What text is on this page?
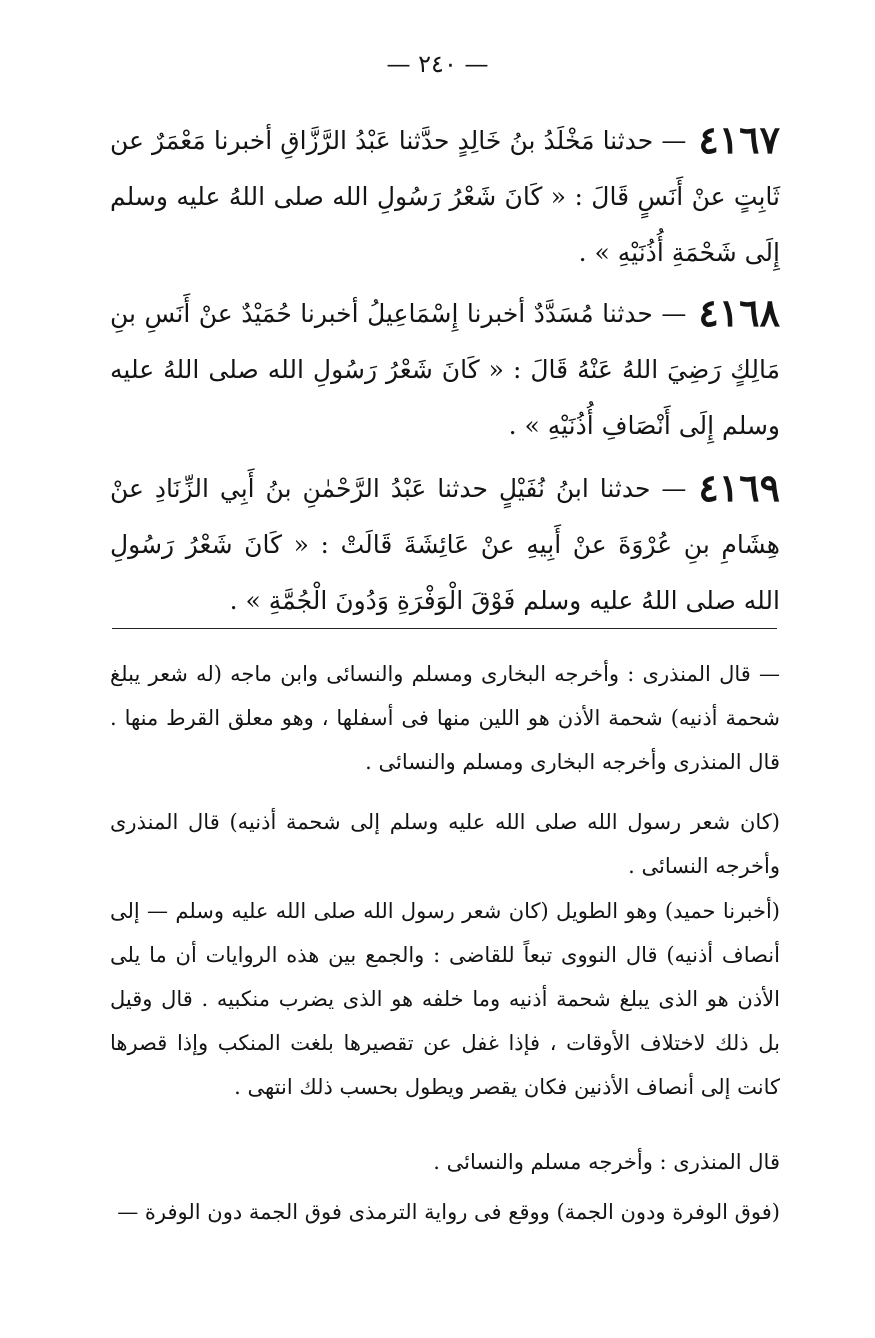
— ٢٤٠ —
٤١٦٧— حدثنا مَخْلَدُ بنُ خَالِدٍ حدَّثنا عَبْدُ الرَّزَّاقِ أخبرنا مَعْمَرٌ عن ثَابِتٍ عنْ أَنَسٍ قَالَ : « كَانَ شَعْرُ رَسُولِ الله صلى اللهُ عليه وسلم إِلَى شَحْمَةِ أُذُنَيْهِ » .
٤١٦٨— حدثنا مُسَدَّدٌ أخبرنا إِسْمَاعِيلُ أخبرنا حُمَيْدٌ عنْ أَنَسِ بنِ مَالِكٍ رَضِيَ اللهُ عَنْهُ قَالَ : « كَانَ شَعْرُ رَسُولِ الله صلى اللهُ عليه وسلم إِلَى أَنْصَافِ أُذُنَيْهِ » .
٤١٦٩— حدثنا ابنُ نُفَيْلٍ حدثنا عَبْدُ الرَّحْمٰنِ بنُ أَبِي الزِّنَادِ عنْ هِشَامِ بنِ عُرْوَةَ عنْ أَبِيهِ عنْ عَائِشَةَ قَالَتْ : « كَانَ شَعْرُ رَسُولِ الله صلى اللهُ عليه وسلم فَوْقَ الْوَفْرَةِ وَدُونَ الْجُمَّةِ » .
— قال المنذرى : وأخرجه البخارى ومسلم والنسائى وابن ماجه (له شعر يبلغ شحمة أذنيه) شحمة الأذن هو اللين منها فى أسفلها ، وهو معلق القرط منها . قال المنذرى وأخرجه البخارى ومسلم والنسائى .
(كان شعر رسول الله صلى الله عليه وسلم إلى شحمة أذنيه) قال المنذرى وأخرجه النسائى .
(أخبرنا حميد) وهو الطويل (كان شعر رسول الله صلى الله عليه وسلم — إلى أنصاف أذنيه) قال النووى تبعاً للقاضى : والجمع بين هذه الروايات أن ما يلى الأذن هو الذى يبلغ شحمة أذنيه وما خلفه هو الذى يضرب منكبيه . قال وقيل بل ذلك لاختلاف الأوقات ، فإذا غفل عن تقصيرها بلغت المنكب وإذا قصرها كانت إلى أنصاف الأذنين فكان يقصر ويطول بحسب ذلك انتهى .
قال المنذرى : وأخرجه مسلم والنسائى .
(فوق الوفرة ودون الجمة) ووقع فى رواية الترمذى فوق الجمة دون الوفرة —
